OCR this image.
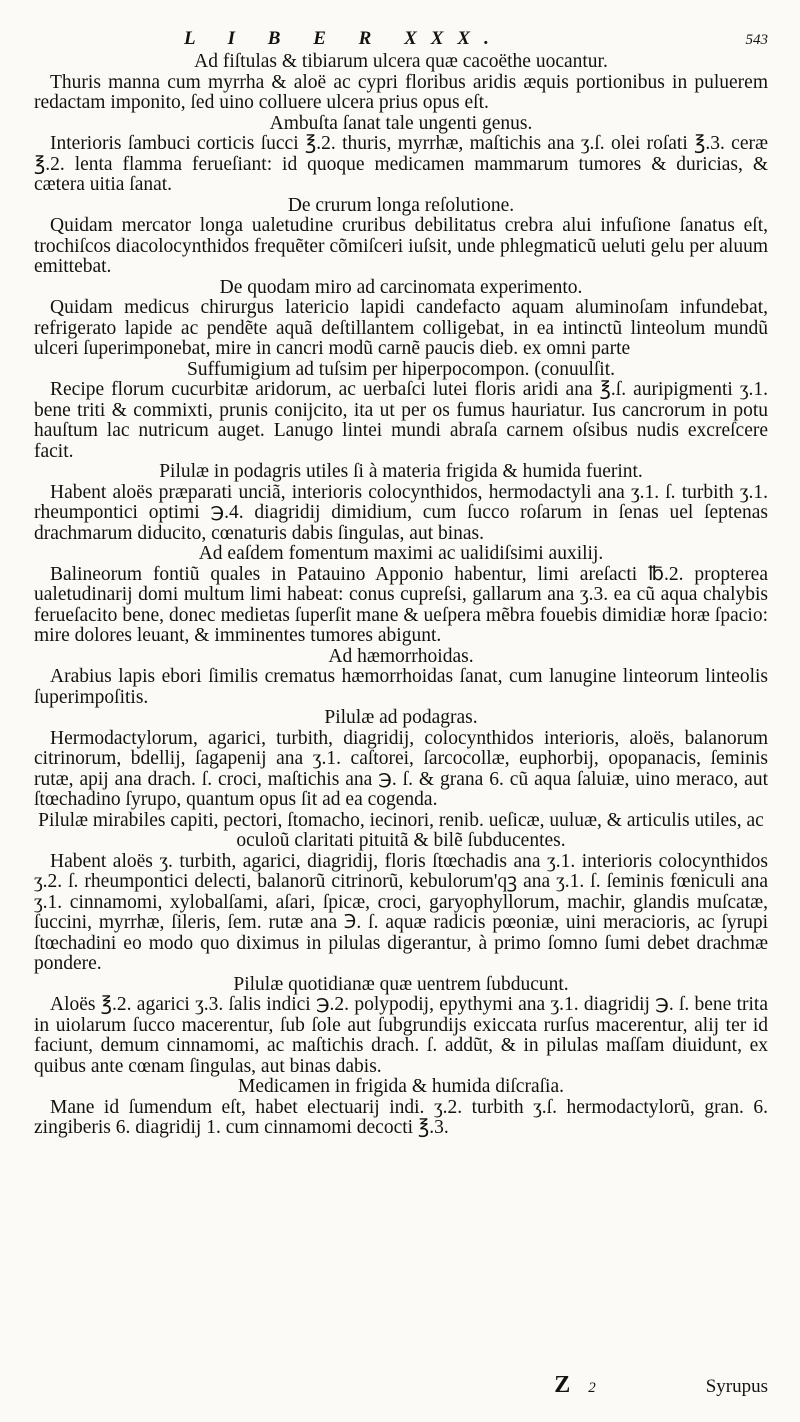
L I B E R XXX.	543
Ad fiſtulas & tibiarum ulcera quæ cacoëthe uocantur.
Thuris manna cum myrrha & aloë ac cypri floribus aridis æquis portionibus in puluerem redactam imponito, ſed uino colluere ulcera prius opus eſt.
Ambuſta ſanat tale ungenti genus.
Interioris ſambuci corticis ſucci ℥.2. thuris, myrrhæ, maſtichis ana ʒ.ſ. olei roſati ℥.3. ceræ ℥.2. lenta flamma ferueſiant: id quoque medicamen mammarum tumores & duricias, & cætera uitia ſanat.
De crurum longa reſolutione.
Quidam mercator longa ualetudine cruribus debilitatus crebra alui infuſione ſanatus eſt, trochiſcos diacolocynthidos frequẽter cõmiſceri iuſsit, unde phlegmaticũ ueluti gelu per aluum emittebat.
De quodam miro ad carcinomata experimento.
Quidam medicus chirurgus latericio lapidi candefacto aquam aluminoſam infundebat, refrigerato lapide ac pendẽte aquã deſtillantem colligebat, in ea intinctũ linteolum mundũ ulceri ſuperimponebat, mire in cancri modũ carnẽ paucis dieb. ex omni parte
Suffumigium ad tuſsim per hiperpocompon. (conuulſit.
Recipe florum cucurbitæ aridorum, ac uerbaſci lutei floris aridi ana ℥.ſ. auripigmenti ʒ.1. bene triti & commixti, prunis conijcito, ita ut per os fumus hauriatur. Ius cancrorum in potu hauſtum lac nutricum auget. Lanugo lintei mundi abraſa carnem oſsibus nudis excreſcere facit.
Pilulæ in podagris utiles ſi à materia frigida & humida fuerint.
Habent aloës præparati unciã, interioris colocynthidos, hermodactyli ana ʒ.1. ſ. turbith ʒ.1. rheumpontici optimi ℈.4. diagridij dimidium, cum ſucco roſarum in ſenas uel ſeptenas drachmarum diducito, cœnaturis dabis ſingulas, aut binas.
Ad eaſdem fomentum maximi ac ualidiſsimi auxilij.
Balineorum fontiũ quales in Patauino Apponio habentur, limi areſacti ℔.2. propterea ualetudinarij domi multum limi habeat: conus cupreſsi, gallarum ana ʒ.3. ea cũ aqua chalybis ferueſacito bene, donec medietas ſuperſit mane & ueſpera mẽbra fouebis dimidiæ horæ ſpacio: mire dolores leuant, & imminentes tumores abigunt.
Ad hæmorrhoidas.
Arabius lapis ebori ſimilis crematus hæmorrhoidas ſanat, cum lanugine linteorum linteolis ſuperimpoſitis.
Pilulæ ad podagras.
Hermodactylorum, agarici, turbith, diagridij, colocynthidos interioris, aloës, balanorum citrinorum, bdellij, ſagapenij ana ʒ.1. caſtorei, ſarcocollæ, euphorbij, opopanacis, ſeminis rutæ, apij ana drach. ſ. croci, maſtichis ana ℈. ſ. & grana 6. cũ aqua ſaluiæ, uino meraco, aut ſtœchadino ſyrupo, quantum opus ſit ad ea cogenda.
Pilulæ mirabiles capiti, pectori, ſtomacho, iecinori, renib. ueſicæ, uuluæ, & articulis utiles, ac oculoũ claritati pituitã & bilẽ ſubducentes.
Habent aloës ʒ. turbith, agarici, diagridij, floris ſtœchadis ana ʒ.1. interioris colocynthidos ʒ.2. ſ. rheumpontici delecti, balanorũ citrinorũ, kebulorum'qꝫ ana ʒ.1. ſ. ſeminis fœniculi ana ʒ.1. cinnamomi, xylobalſami, aſari, ſpicæ, croci, garyophyllorum, machir, glandis muſcatæ, ſuccini, myrrhæ, ſileris, ſem. rutæ ana ℈. ſ. aquæ radicis pœoniæ, uini meracioris, ac ſyrupi ſtœchadini eo modo quo diximus in pilulas digerantur, à primo ſomno ſumi debet drachmæ pondere.
Pilulæ quotidianæ quæ uentrem ſubducunt.
Aloës ℥.2. agarici ʒ.3. ſalis indici ℈.2. polypodij, epythymi ana ʒ.1. diagridij ℈. ſ. bene trita in uiolarum ſucco macerentur, ſub ſole aut ſubgrundijs exiccata rurſus macerentur, alij ter id faciunt, demum cinnamomi, ac maſtichis drach. ſ. addũt, & in pilulas maſſam diuidunt, ex quibus ante cœnam ſingulas, aut binas dabis.
Medicamen in frigida & humida diſcraſia.
Mane id ſumendum eſt, habet electuarij indi. ʒ.2. turbith ʒ.ſ. hermodactylorũ, gran. 6. zingiberis 6. diagridij 1. cum cinnamomi decocti ℥.3.
Z 2	Syrupus
